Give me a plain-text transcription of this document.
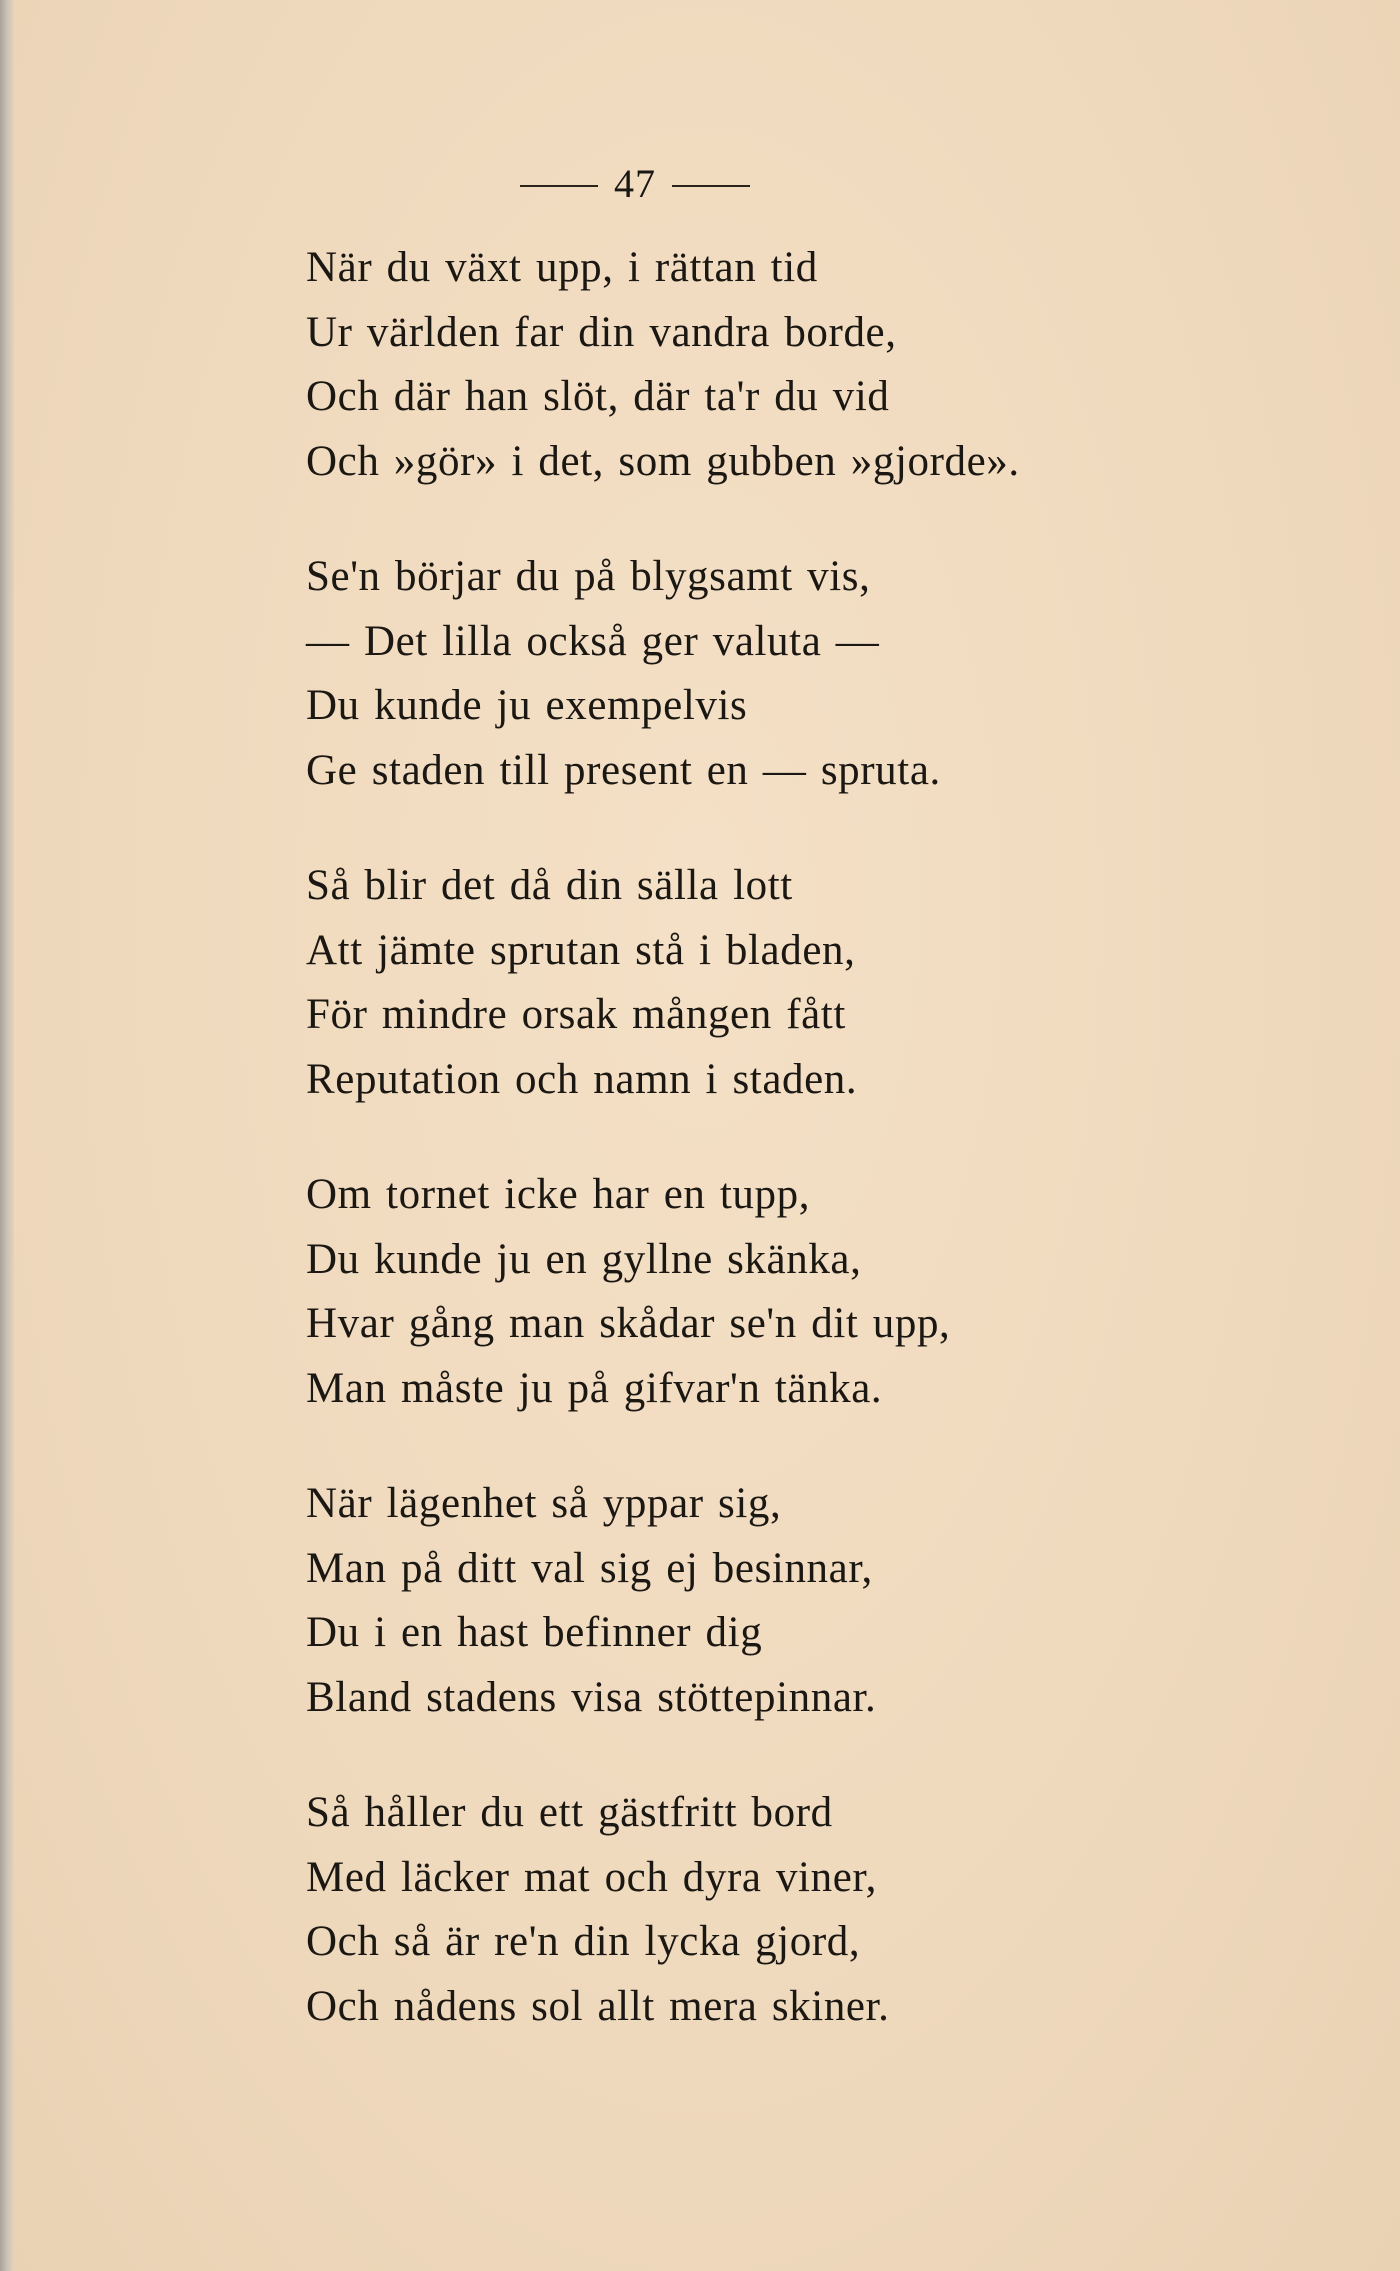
47
När du växt upp, i rättan tid
Ur världen far din vandra borde,
Och där han slöt, där ta'r du vid
Och »gör» i det, som gubben »gjorde».
Se'n börjar du på blygsamt vis,
— Det lilla också ger valuta —
Du kunde ju exempelvis
Ge staden till present en — spruta.
Så blir det då din sälla lott
Att jämte sprutan stå i bladen,
För mindre orsak mången fått
Reputation och namn i staden.
Om tornet icke har en tupp,
Du kunde ju en gyllne skänka,
Hvar gång man skådar se'n dit upp,
Man måste ju på gifvar'n tänka.
När lägenhet så yppar sig,
Man på ditt val sig ej besinnar,
Du i en hast befinner dig
Bland stadens visa stöttepinnar.
Så håller du ett gästfritt bord
Med läcker mat och dyra viner,
Och så är re'n din lycka gjord,
Och nådens sol allt mera skiner.
